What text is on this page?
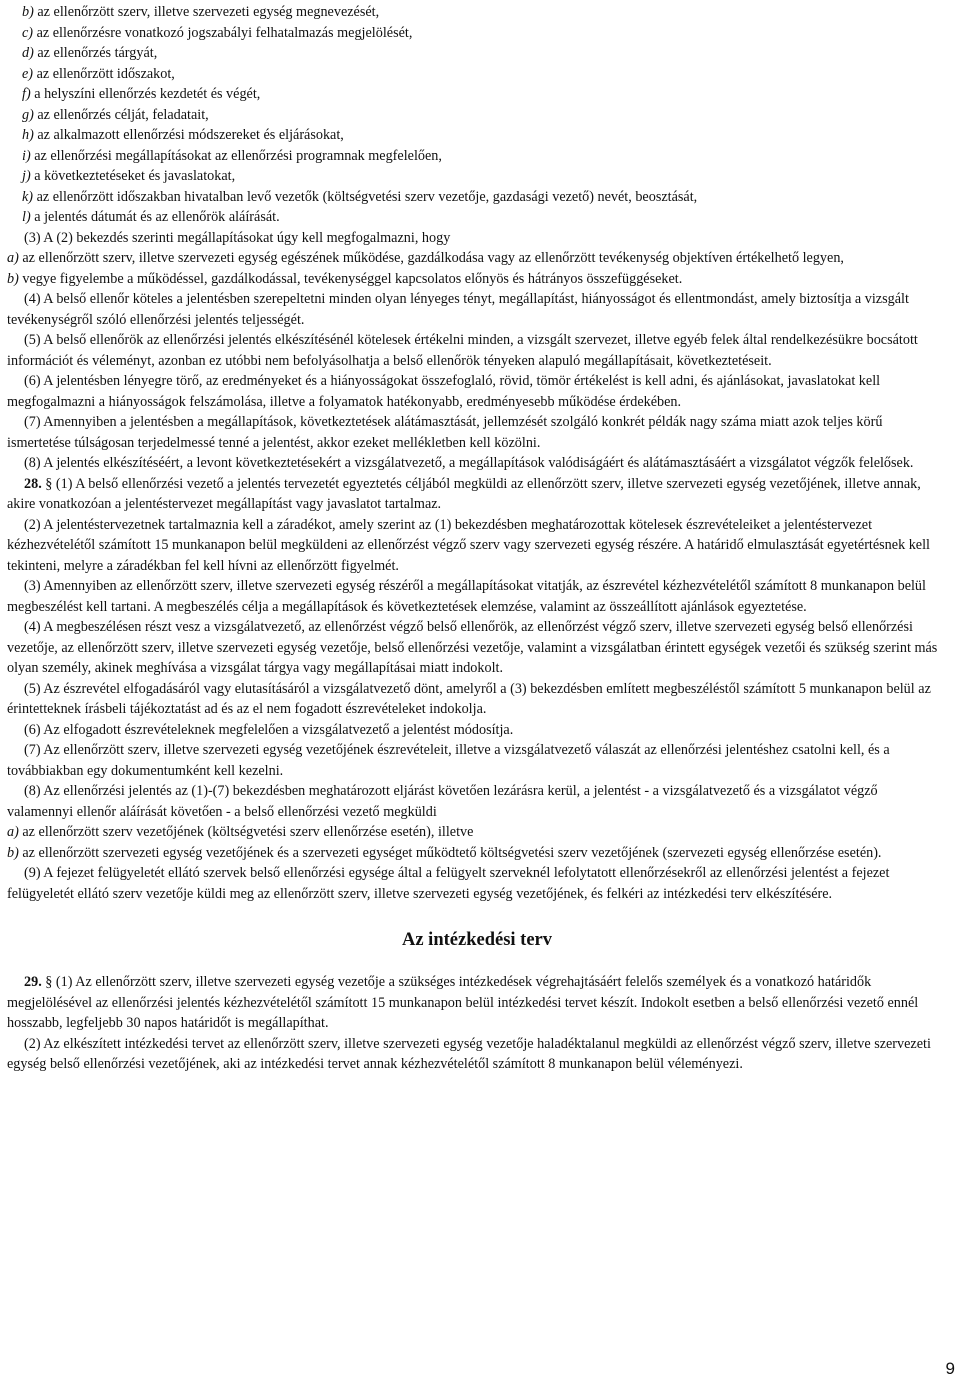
b) az ellenőrzött szerv, illetve szervezeti egység megnevezését,

c) az ellenőrzésre vonatkozó jogszabályi felhatalmazás megjelölését,

d) az ellenőrzés tárgyát,

e) az ellenőrzött időszakot,

f) a helyszíni ellenőrzés kezdetét és végét,

g) az ellenőrzés célját, feladatait,

h) az alkalmazott ellenőrzési módszereket és eljárásokat,

i) az ellenőrzési megállapításokat az ellenőrzési programnak megfelelően,

j) a következtetéseket és javaslatokat,

k) az ellenőrzött időszakban hivatalban levő vezetők (költségvetési szerv vezetője, gazdasági vezető) nevét, beosztását,

l) a jelentés dátumát és az ellenőrök aláírását.

(3) A (2) bekezdés szerinti megállapításokat úgy kell megfogalmazni, hogy

a) az ellenőrzött szerv, illetve szervezeti egység egészének működése, gazdálkodása vagy az ellenőrzött tevékenység objektíven értékelhető legyen,

b) vegye figyelembe a működéssel, gazdálkodással, tevékenységgel kapcsolatos előnyös és hátrányos összefüggéseket.

(4) A belső ellenőr köteles a jelentésben szerepeltetni minden olyan lényeges tényt, megállapítást, hiányosságot és ellentmondást, amely biztosítja a vizsgált tevékenységről szóló ellenőrzési jelentés teljességét.

(5) A belső ellenőrök az ellenőrzési jelentés elkészítésénél kötelesek értékelni minden, a vizsgált szervezet, illetve egyéb felek által rendelkezésükre bocsátott információt és véleményt, azonban ez utóbbi nem befolyásolhatja a belső ellenőrök tényeken alapuló megállapításait, következtetéseit.

(6) A jelentésben lényegre törő, az eredményeket és a hiányosságokat összefoglaló, rövid, tömör értékelést is kell adni, és ajánlásokat, javaslatokat kell megfogalmazni a hiányosságok felszámolása, illetve a folyamatok hatékonyabb, eredményesebb működése érdekében.

(7) Amennyiben a jelentésben a megállapítások, következtetések alátámasztását, jellemzését szolgáló konkrét példák nagy száma miatt azok teljes körű ismertetése túlságosan terjedelmessé tenné a jelentést, akkor ezeket mellékletben kell közölni.

(8) A jelentés elkészítéséért, a levont következtetésekért a vizsgálatvezető, a megállapítások valódiságáért és alátámasztásáért a vizsgálatot végzők felelősek.

28. § (1) A belső ellenőrzési vezető a jelentés tervezetét egyeztetés céljából megküldi az ellenőrzött szerv, illetve szervezeti egység vezetőjének, illetve annak, akire vonatkozóan a jelentéstervezet megállapítást vagy javaslatot tartalmaz.

(2) A jelentéstervezetnek tartalmaznia kell a záradékot, amely szerint az (1) bekezdésben meghatározottak kötelesek észrevételeiket a jelentéstervezet kézhezvételétől számított 15 munkanapon belül megküldeni az ellenőrzést végző szerv vagy szervezeti egység részére. A határidő elmulasztását egyetértésnek kell tekinteni, melyre a záradékban fel kell hívni az ellenőrzött figyelmét.

(3) Amennyiben az ellenőrzött szerv, illetve szervezeti egység részéről a megállapításokat vitatják, az észrevétel kézhezvételétől számított 8 munkanapon belül megbeszélést kell tartani. A megbeszélés célja a megállapítások és következtetések elemzése, valamint az összeállított ajánlások egyeztetése.

(4) A megbeszélésen részt vesz a vizsgálatvezető, az ellenőrzést végző belső ellenőrök, az ellenőrzést végző szerv, illetve szervezeti egység belső ellenőrzési vezetője, az ellenőrzött szerv, illetve szervezeti egység vezetője, belső ellenőrzési vezetője, valamint a vizsgálatban érintett egységek vezetői és szükség szerint más olyan személy, akinek meghívása a vizsgálat tárgya vagy megállapításai miatt indokolt.

(5) Az észrevétel elfogadásáról vagy elutasításáról a vizsgálatvezető dönt, amelyről a (3) bekezdésben említett megbeszéléstől számított 5 munkanapon belül az érintetteknek írásbeli tájékoztatást ad és az el nem fogadott észrevételeket indokolja.

(6) Az elfogadott észrevételeknek megfelelően a vizsgálatvezető a jelentést módosítja.

(7) Az ellenőrzött szerv, illetve szervezeti egység vezetőjének észrevételeit, illetve a vizsgálatvezető válaszát az ellenőrzési jelentéshez csatolni kell, és a továbbiakban egy dokumentumként kell kezelni.

(8) Az ellenőrzési jelentés az (1)-(7) bekezdésben meghatározott eljárást követően lezárásra kerül, a jelentést - a vizsgálatvezető és a vizsgálatot végző valamennyi ellenőr aláírását követően - a belső ellenőrzési vezető megküldi

a) az ellenőrzött szerv vezetőjének (költségvetési szerv ellenőrzése esetén), illetve

b) az ellenőrzött szervezeti egység vezetőjének és a szervezeti egységet működtető költségvetési szerv vezetőjének (szervezeti egység ellenőrzése esetén).

(9) A fejezet felügyeletét ellátó szervek belső ellenőrzési egysége által a felügyelt szerveknél lefolytatott ellenőrzésekről az ellenőrzési jelentést a fejezet felügyeletét ellátó szerv vezetője küldi meg az ellenőrzött szerv, illetve szervezeti egység vezetőjének, és felkéri az intézkedési terv elkészítésére.

Az intézkedési terv

29. § (1) Az ellenőrzött szerv, illetve szervezeti egység vezetője a szükséges intézkedések végrehajtásáért felelős személyek és a vonatkozó határidők megjelölésével az ellenőrzési jelentés kézhezvételétől számított 15 munkanapon belül intézkedési tervet készít. Indokolt esetben a belső ellenőrzési vezető ennél hosszabb, legfeljebb 30 napos határidőt is megállapíthat.

(2) Az elkészített intézkedési tervet az ellenőrzött szerv, illetve szervezeti egység vezetője haladéktalanul megküldi az ellenőrzést végző szerv, illetve szervezeti egység belső ellenőrzési vezetőjének, aki az intézkedési tervet annak kézhezvételétől számított 8 munkanapon belül véleményezi.

9
